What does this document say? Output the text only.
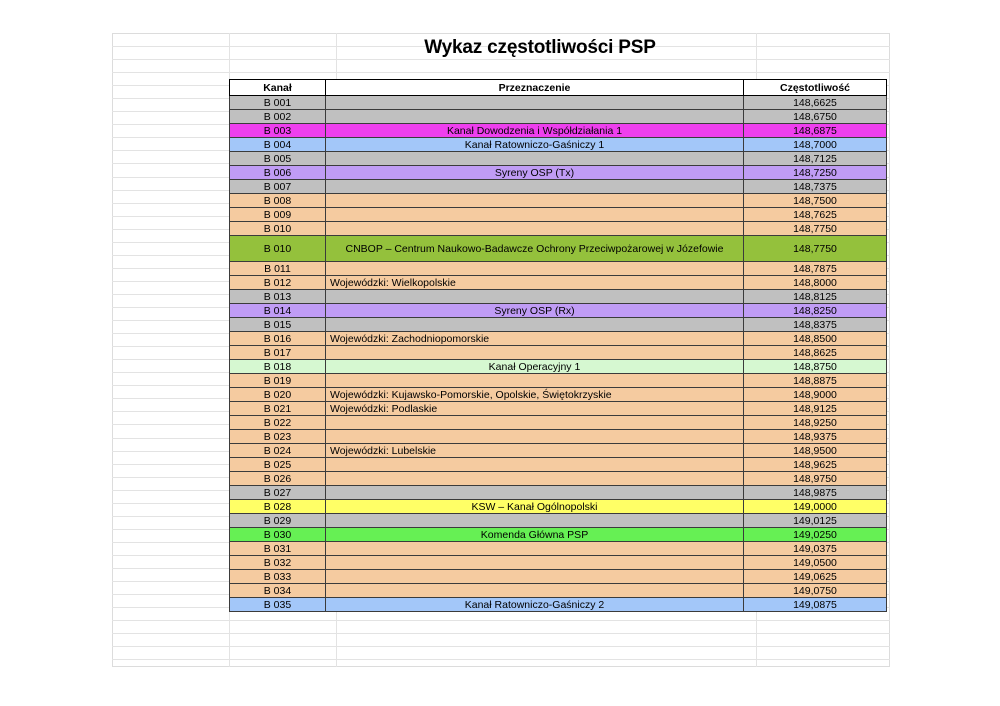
Wykaz częstotliwości PSP
Kanał	Przeznaczenie	Częstotliwość
B 001		148,6625
B 002		148,6750
B 003	Kanał Dowodzenia i Współdziałania 1	148,6875
B 004	Kanał Ratowniczo-Gaśniczy 1	148,7000
B 005		148,7125
B 006	Syreny OSP (Tx)	148,7250
B 007		148,7375
B 008		148,7500
B 009		148,7625
B 010		148,7750
B 010	CNBOP – Centrum Naukowo-Badawcze Ochrony Przeciwpożarowej w Józefowie	148,7750
B 011		148,7875
B 012	Wojewódzki: Wielkopolskie	148,8000
B 013		148,8125
B 014	Syreny OSP (Rx)	148,8250
B 015		148,8375
B 016	Wojewódzki: Zachodniopomorskie	148,8500
B 017		148,8625
B 018	Kanał Operacyjny 1	148,8750
B 019		148,8875
B 020	Wojewódzki: Kujawsko-Pomorskie, Opolskie, Świętokrzyskie	148,9000
B 021	Wojewódzki: Podlaskie	148,9125
B 022		148,9250
B 023		148,9375
B 024	Wojewódzki: Lubelskie	148,9500
B 025		148,9625
B 026		148,9750
B 027		148,9875
B 028	KSW – Kanał Ogólnopolski	149,0000
B 029		149,0125
B 030	Komenda Główna PSP	149,0250
B 031		149,0375
B 032		149,0500
B 033		149,0625
B 034		149,0750
B 035	Kanał Ratowniczo-Gaśniczy 2	149,0875
